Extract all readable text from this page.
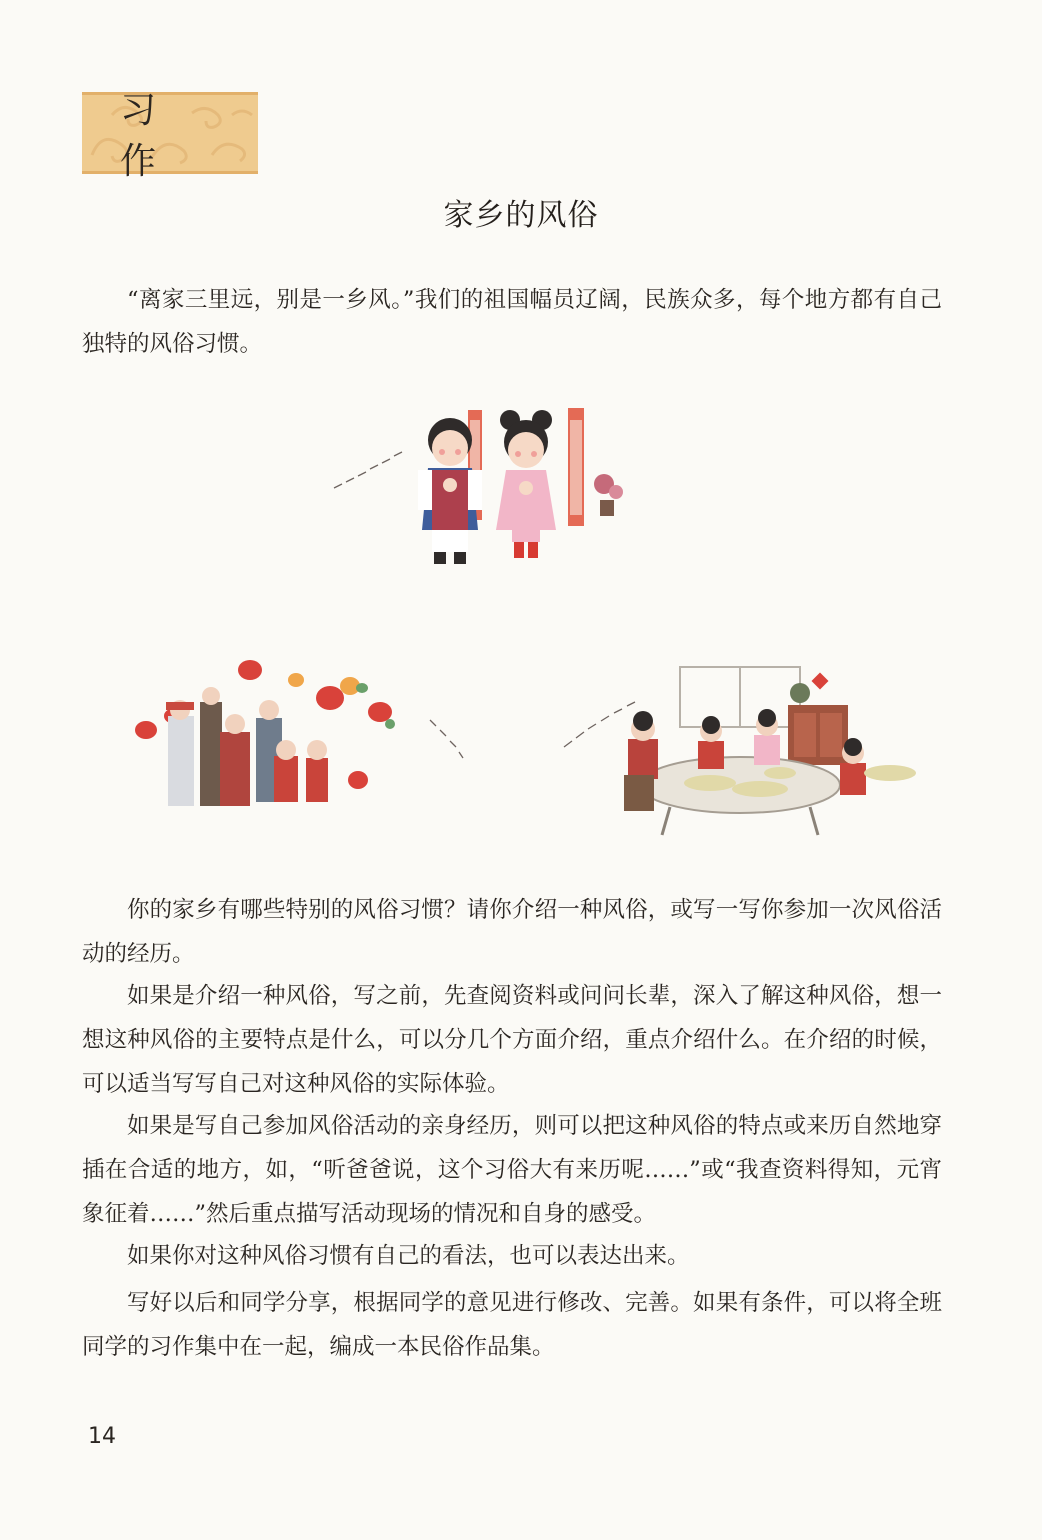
习作
家乡的风俗
“离家三里远，别是一乡风。”我们的祖国幅员辽阔，民族众多，每个地方都有自己独特的风俗习惯。
你的家乡有哪些特别的风俗习惯？请你介绍一种风俗，或写一写你参加一次风俗活动的经历。
如果是介绍一种风俗，写之前，先查阅资料或问问长辈，深入了解这种风俗，想一想这种风俗的主要特点是什么，可以分几个方面介绍，重点介绍什么。在介绍的时候，可以适当写写自己对这种风俗的实际体验。
如果是写自己参加风俗活动的亲身经历，则可以把这种风俗的特点或来历自然地穿插在合适的地方，如，“听爸爸说，这个习俗大有来历呢……”或“我查资料得知，元宵象征着……”然后重点描写活动现场的情况和自身的感受。
如果你对这种风俗习惯有自己的看法，也可以表达出来。
写好以后和同学分享，根据同学的意见进行修改、完善。如果有条件，可以将全班同学的习作集中在一起，编成一本民俗作品集。
14
